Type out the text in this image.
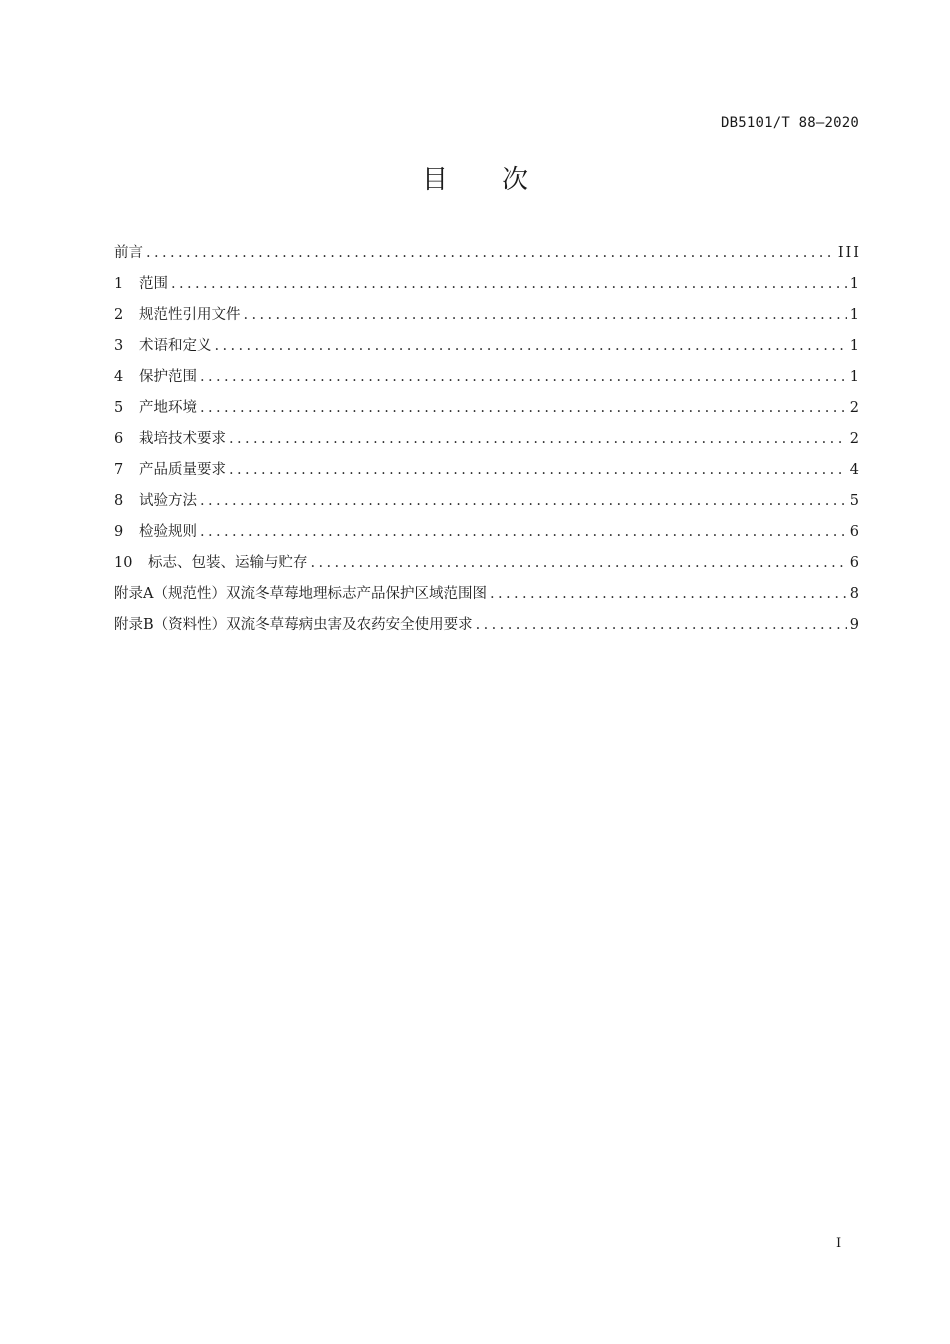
DB5101/T 88—2020
目次
前言 .....	III
1	范围 .....	1
2	规范性引用文件 .....	1
3	术语和定义 .....	1
4	保护范围 .....	1
5	产地环境 .....	2
6	栽培技术要求 .....	2
7	产品质量要求 .....	4
8	试验方法 .....	5
9	检验规则 .....	6
10	标志、包装、运输与贮存 .....	6
附录A（规范性）双流冬草莓地理标志产品保护区域范围图 .....	8
附录B（资料性）双流冬草莓病虫害及农药安全使用要求 .....	9
I
